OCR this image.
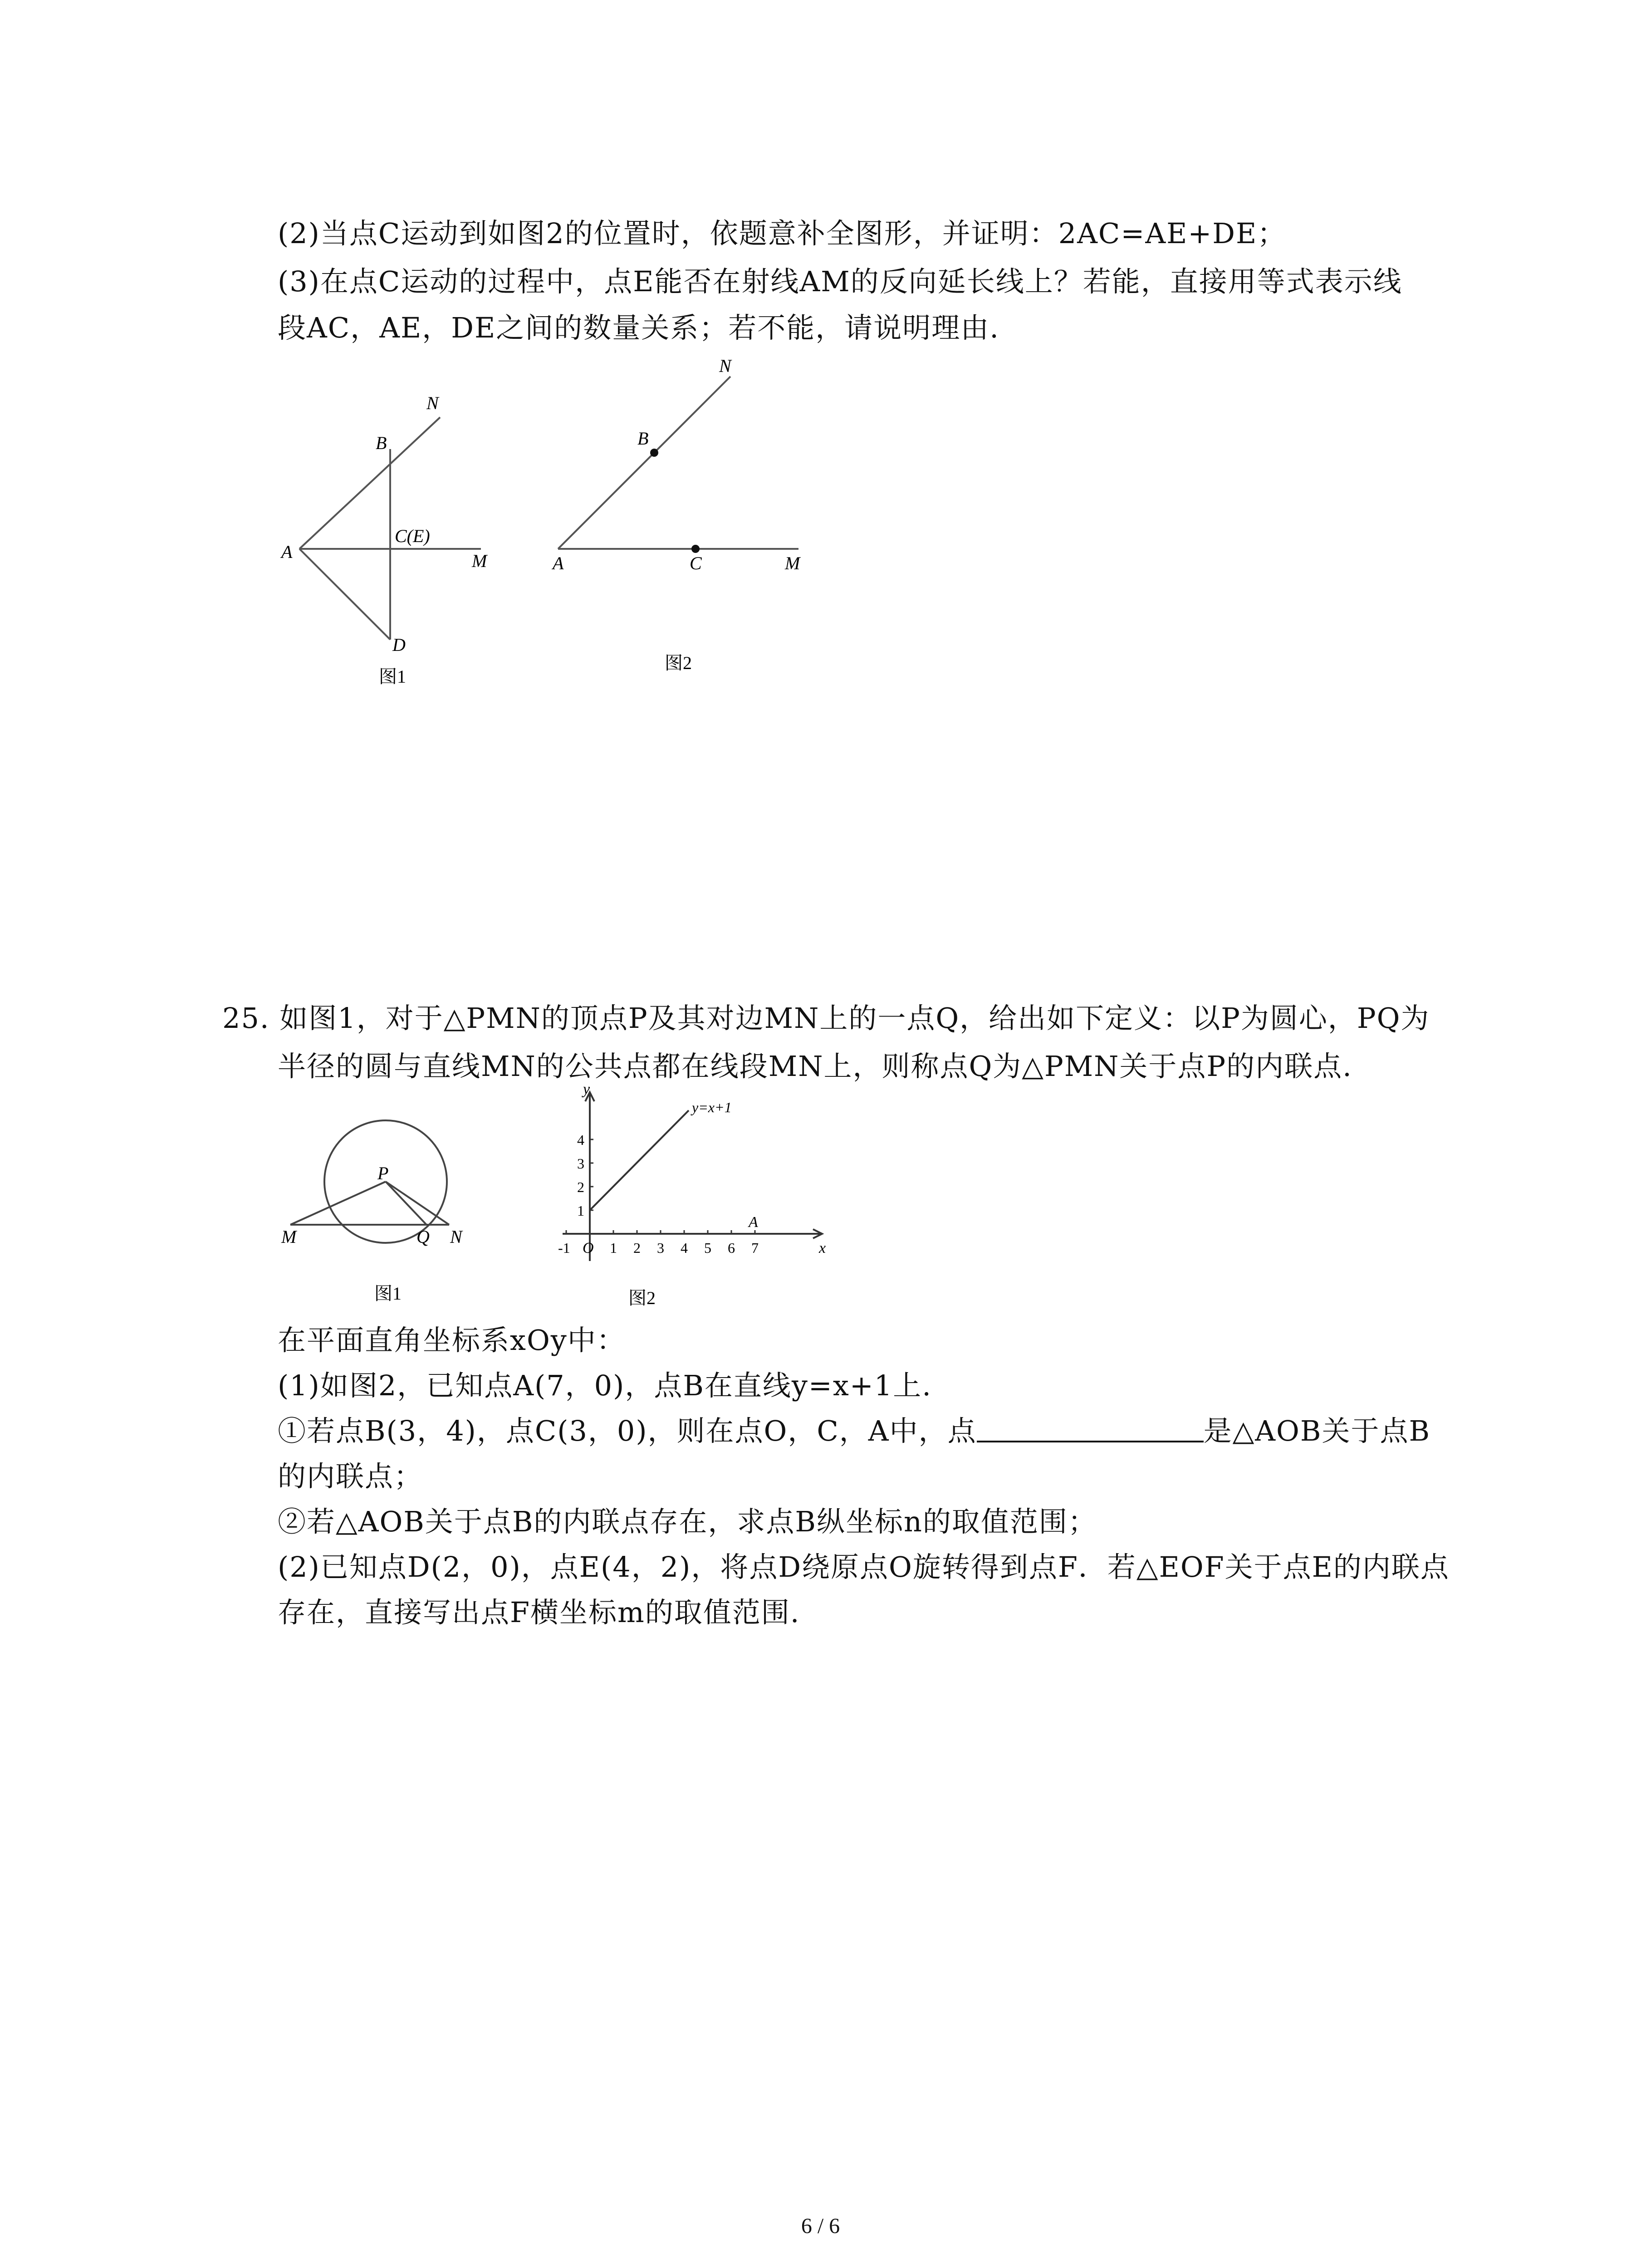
(2)当点C运动到如图2的位置时，依题意补全图形，并证明：2AC=AE+DE；
(3)在点C运动的过程中，点E能否在射线AM的反向延长线上？若能，直接用等式表示线
段AC，AE，DE之间的数量关系；若不能，请说明理由.
N
B
C(E)
A	M
D
图1
N
B
A	C	M
图2
25. 如图1，对于△PMN的顶点P及其对边MN上的一点Q，给出如下定义：以P为圆心，PQ为
半径的圆与直线MN的公共点都在线段MN上，则称点Q为△PMN关于点P的内联点.
P
M	Q N
图1
y
x
O
y=x+1
A
-1	1 2 3 4 5 6 7
1
2
3
4
图2
在平面直角坐标系xOy中：
(1)如图2，已知点A(7，0)，点B在直线y=x+1上.
①若点B(3，4)，点C(3，0)，则在点O，C，A中，点	是△AOB关于点B
的内联点；
②若△AOB关于点B的内联点存在，求点B纵坐标n的取值范围；
(2)已知点D(2，0)，点E(4，2)，将点D绕原点O旋转得到点F．若△EOF关于点E的内联点
存在，直接写出点F横坐标m的取值范围.
6 / 6
